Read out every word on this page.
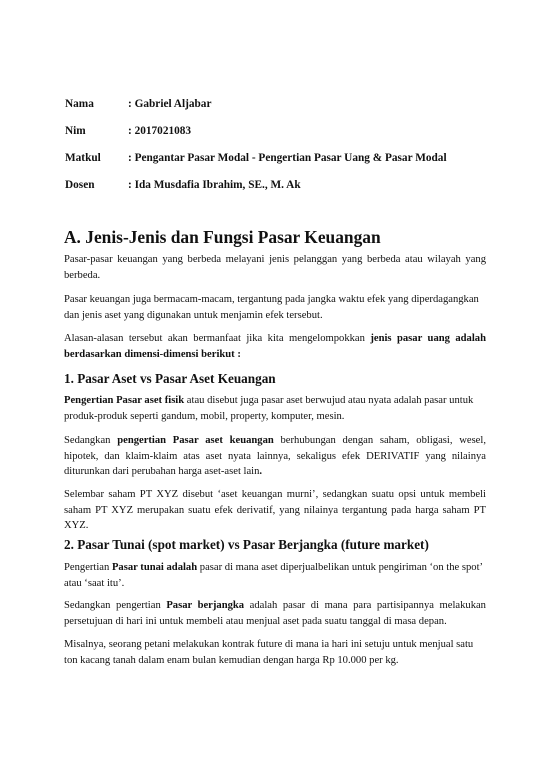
Nama	: Gabriel Aljabar
Nim	: 2017021083
Matkul : Pengantar Pasar Modal - Pengertian Pasar Uang & Pasar Modal
Dosen	: Ida Musdafia Ibrahim, SE., M. Ak
A. Jenis-Jenis dan Fungsi Pasar Keuangan

Pasar-pasar keuangan yang berbeda melayani jenis pelanggan yang berbeda atau wilayah yang berbeda.

Pasar keuangan juga bermacam-macam, tergantung pada jangka waktu efek yang diperdagangkan dan jenis aset yang digunakan untuk menjamin efek tersebut.

Alasan-alasan tersebut akan bermanfaat jika kita mengelompokkan jenis pasar uang adalah berdasarkan dimensi-dimensi berikut :

1. Pasar Aset vs Pasar Aset Keuangan

Pengertian Pasar aset fisik atau disebut juga pasar aset berwujud atau nyata adalah pasar untuk produk-produk seperti gandum, mobil, property, komputer, mesin.

Sedangkan pengertian Pasar aset keuangan berhubungan dengan saham, obligasi, wesel, hipotek, dan klaim-klaim atas aset nyata lainnya, sekaligus efek DERIVATIF yang nilainya diturunkan dari perubahan harga aset-aset lain.

Selembar saham PT XYZ disebut ‘aset keuangan murni’, sedangkan suatu opsi untuk membeli saham PT XYZ merupakan suatu efek derivatif, yang nilainya tergantung pada harga saham PT XYZ.

2. Pasar Tunai (spot market) vs Pasar Berjangka (future market)

Pengertian Pasar tunai adalah pasar di mana aset diperjualbelikan untuk pengiriman ‘on the spot’ atau ‘saat itu’.

Sedangkan pengertian Pasar berjangka adalah pasar di mana para partisipannya melakukan persetujuan di hari ini untuk membeli atau menjual aset pada suatu tanggal di masa depan.

Misalnya, seorang petani melakukan kontrak future di mana ia hari ini setuju untuk menjual satu ton kacang tanah dalam enam bulan kemudian dengan harga Rp 10.000 per kg.
